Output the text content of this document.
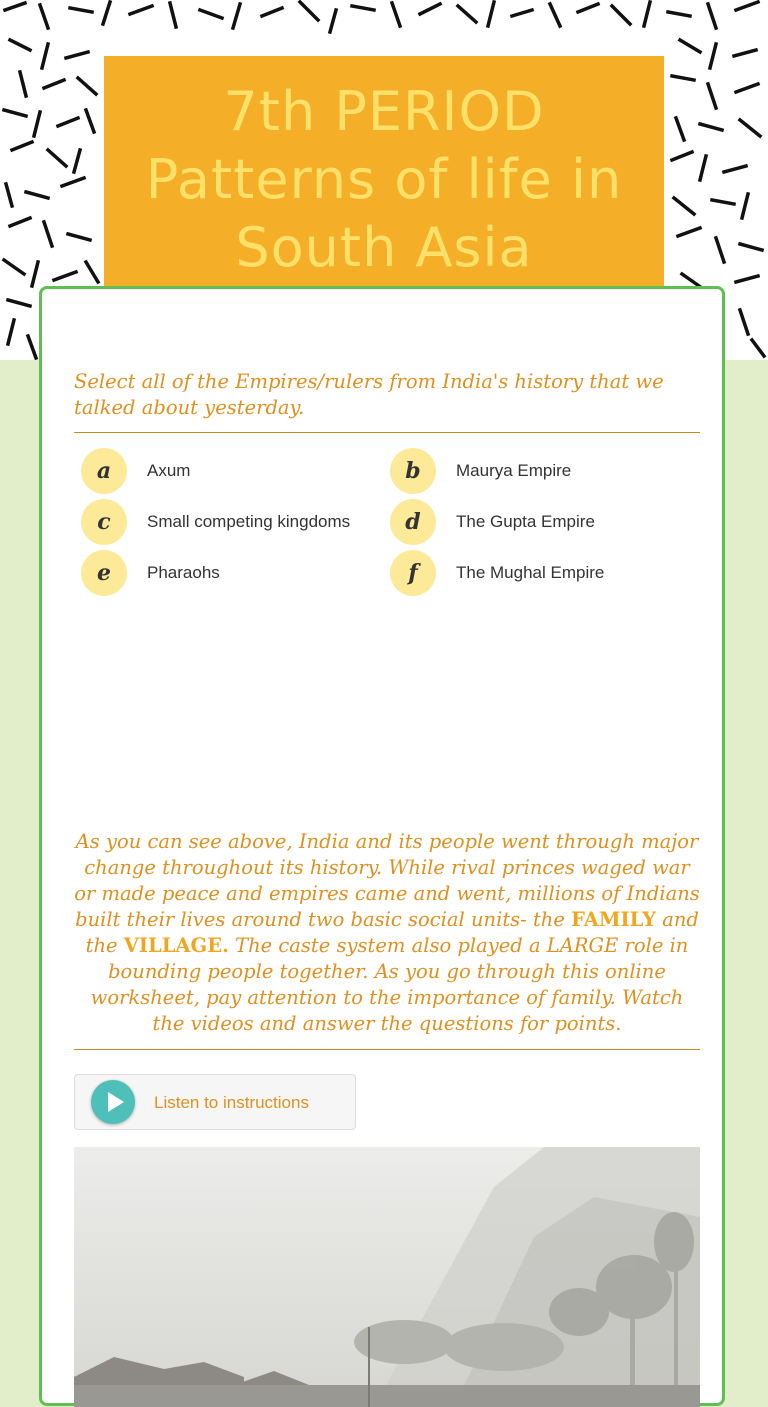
7th PERIOD
Patterns of life in
South Asia
Select all of the Empires/rulers from India's history that we talked about yesterday.
a	Axum	b	Maurya Empire
c	Small competing kingdoms	d	The Gupta Empire
e	Pharaohs	f	The Mughal Empire
As you can see above, India and its people went through major change throughout its history. While rival princes waged war or made peace and empires came and went, millions of Indians built their lives around two basic social units- the FAMILY and the VILLAGE. The caste system also played a LARGE role in bounding people together. As you go through this online worksheet, pay attention to the importance of family. Watch the videos and answer the questions for points.
Listen to instructions
